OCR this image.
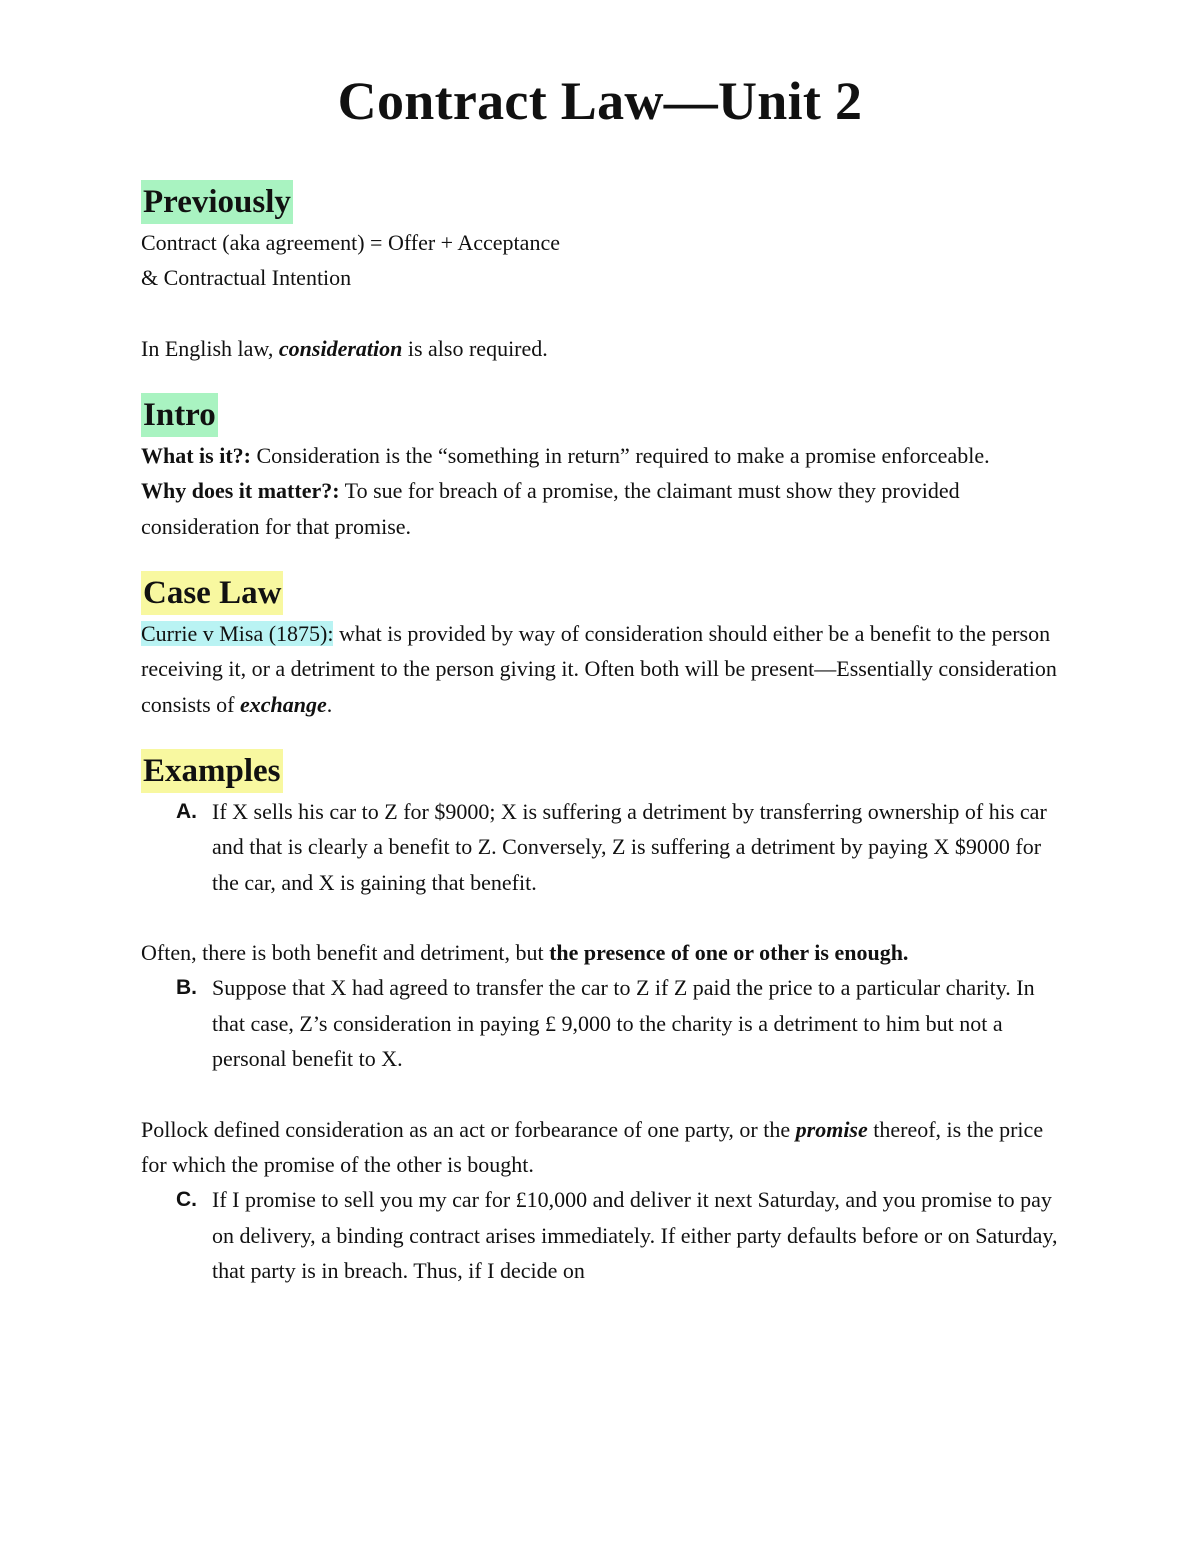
Contract Law—Unit 2
Previously

Contract (aka agreement) = Offer + Acceptance

& Contractual Intention

In English law, consideration is also required.

Intro

What is it?: Consideration is the “something in return” required to make a promise enforceable.

Why does it matter?: To sue for breach of a promise, the claimant must show they provided consideration for that promise.

Case Law

Currie v Misa (1875): what is provided by way of consideration should either be a benefit to the person receiving it, or a detriment to the person giving it. Often both will be present—Essentially consideration consists of exchange.

Examples
A. If X sells his car to Z for $9000; X is suffering a detriment by transferring ownership of his car and that is clearly a benefit to Z. Conversely, Z is suffering a detriment by paying X $9000 for the car, and X is gaining that benefit.

Often, there is both benefit and detriment, but the presence of one or other is enough.

B. Suppose that X had agreed to transfer the car to Z if Z paid the price to a particular charity. In that case, Z’s consideration in paying £ 9,000 to the charity is a detriment to him but not a personal benefit to X.

Pollock defined consideration as an act or forbearance of one party, or the promise thereof, is the price for which the promise of the other is bought.

C. If I promise to sell you my car for £10,000 and deliver it next Saturday, and you promise to pay on delivery, a binding contract arises immediately. If either party defaults before or on Saturday, that party is in breach. Thus, if I decide on
